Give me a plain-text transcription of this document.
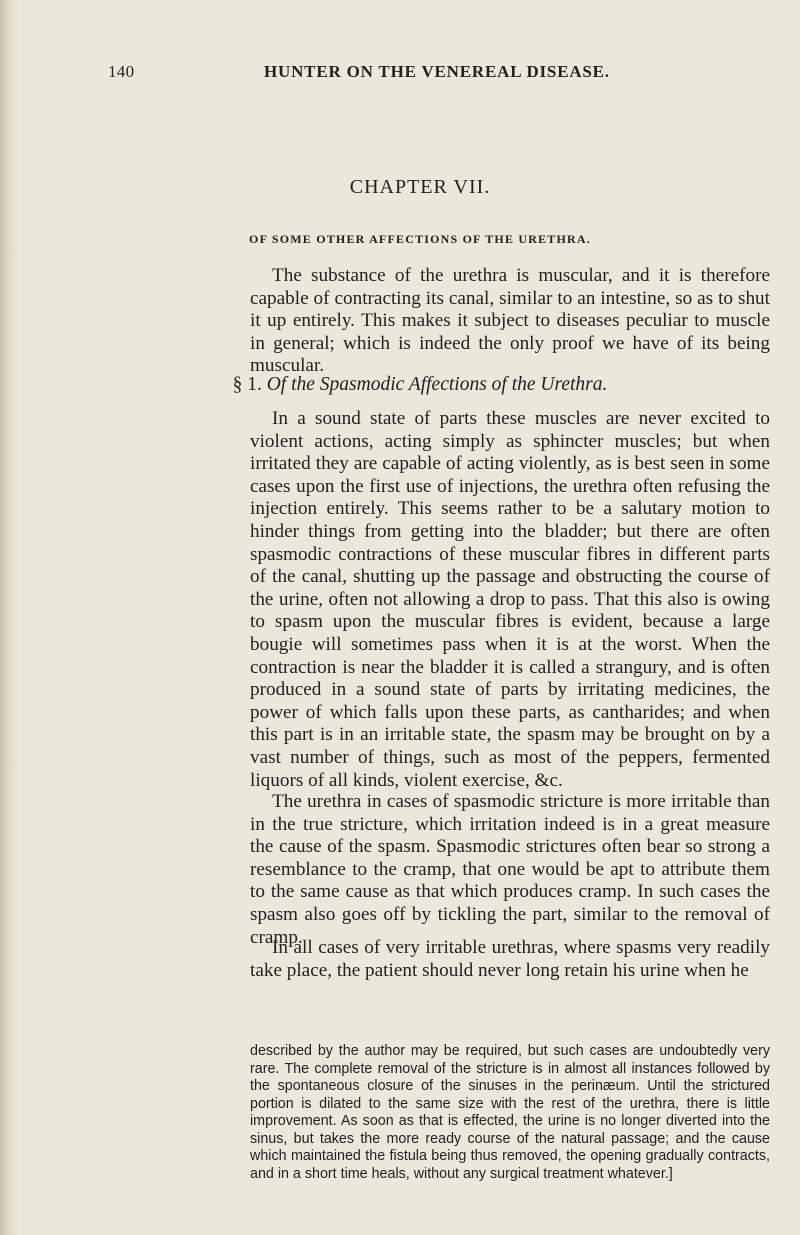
140	HUNTER ON THE VENEREAL DISEASE.
CHAPTER VII.
OF SOME OTHER AFFECTIONS OF THE URETHRA.

The substance of the urethra is muscular, and it is therefore capable of contracting its canal, similar to an intestine, so as to shut it up entirely. This makes it subject to diseases peculiar to muscle in general; which is indeed the only proof we have of its being muscular.

§ 1. Of the Spasmodic Affections of the Urethra.

In a sound state of parts these muscles are never excited to violent actions, acting simply as sphincter muscles; but when irritated they are capable of acting violently, as is best seen in some cases upon the first use of injections, the urethra often refusing the injection entirely. This seems rather to be a salutary motion to hinder things from getting into the bladder; but there are often spasmodic contractions of these muscular fibres in different parts of the canal, shutting up the passage and obstructing the course of the urine, often not allowing a drop to pass. That this also is owing to spasm upon the muscular fibres is evident, because a large bougie will sometimes pass when it is at the worst. When the contraction is near the bladder it is called a strangury, and is often produced in a sound state of parts by irritating medicines, the power of which falls upon these parts, as cantharides; and when this part is in an irritable state, the spasm may be brought on by a vast number of things, such as most of the peppers, fermented liquors of all kinds, violent exercise, &c.

The urethra in cases of spasmodic stricture is more irritable than in the true stricture, which irritation indeed is in a great measure the cause of the spasm. Spasmodic strictures often bear so strong a resemblance to the cramp, that one would be apt to attribute them to the same cause as that which produces cramp. In such cases the spasm also goes off by tickling the part, similar to the removal of cramp.

In all cases of very irritable urethras, where spasms very readily take place, the patient should never long retain his urine when he

described by the author may be required, but such cases are undoubtedly very rare. The complete removal of the stricture is in almost all instances followed by the spontaneous closure of the sinuses in the perinæum. Until the strictured portion is dilated to the same size with the rest of the urethra, there is little improvement. As soon as that is effected, the urine is no longer diverted into the sinus, but takes the more ready course of the natural passage; and the cause which maintained the fistula being thus removed, the opening gradually contracts, and in a short time heals, without any surgical treatment whatever.]
